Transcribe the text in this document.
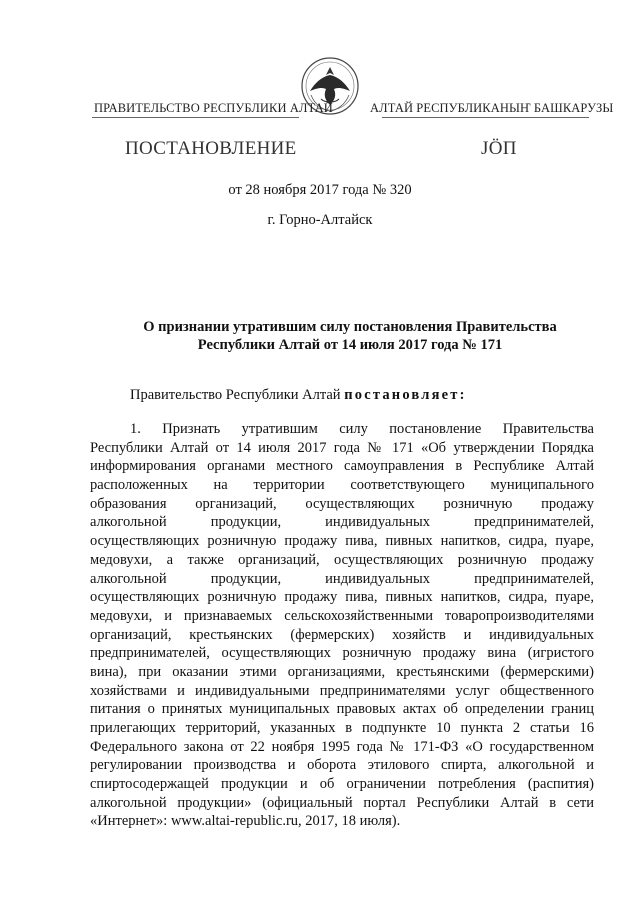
ПРАВИТЕЛЬСТВО РЕСПУБЛИКИ АЛТАЙ	АЛТАЙ РЕСПУБЛИКАНЫҤ БАШКАРУЗЫ
ПОСТАНОВЛЕНИЕ	ЈӦП
от 28 ноября 2017 года № 320
г. Горно-Алтайск
О признании утратившим силу постановления Правительства
Республики Алтай от 14 июля 2017 года № 171
Правительство Республики Алтай постановляет:
1. Признать утратившим силу постановление Правительства
Республики Алтай от 14 июля 2017 года № 171 «Об утверждении Порядка
информирования органами местного самоуправления в Республике Алтай
расположенных на территории соответствующего муниципального
образования организаций, осуществляющих розничную продажу
алкогольной продукции, индивидуальных предпринимателей,
осуществляющих розничную продажу пива, пивных напитков, сидра, пуаре,
медовухи, а также организаций, осуществляющих розничную продажу
алкогольной продукции, индивидуальных предпринимателей,
осуществляющих розничную продажу пива, пивных напитков, сидра, пуаре,
медовухи, и признаваемых сельскохозяйственными товаропроизводителями
организаций, крестьянских (фермерских) хозяйств и индивидуальных
предпринимателей, осуществляющих розничную продажу вина (игристого
вина), при оказании этими организациями, крестьянскими (фермерскими)
хозяйствами и индивидуальными предпринимателями услуг общественного
питания о принятых муниципальных правовых актах об определении границ
прилегающих территорий, указанных в подпункте 10 пункта 2 статьи 16
Федерального закона от 22 ноября 1995 года № 171-ФЗ «О государственном
регулировании производства и оборота этилового спирта, алкогольной и
спиртосодержащей продукции и об ограничении потребления (распития)
алкогольной продукции» (официальный портал Республики Алтай в сети
«Интернет»: www.altai-republic.ru, 2017, 18 июля).
